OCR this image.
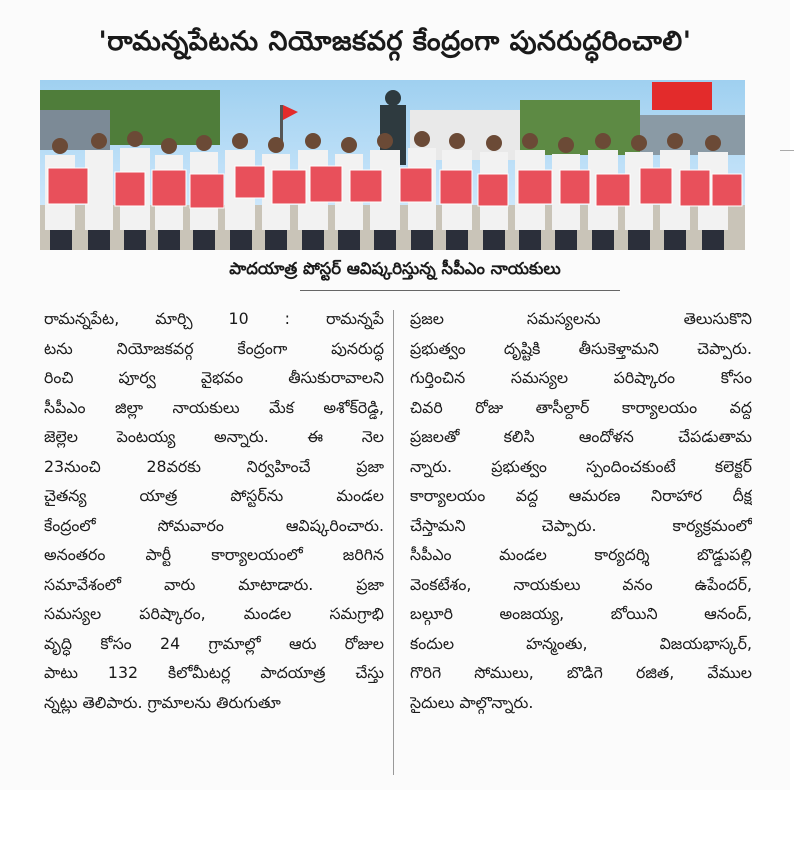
'రామన్నపేటను నియోజకవర్గ కేంద్రంగా పునరుద్ధరించాలి'
పాదయాత్ర పోస్టర్ ఆవిష్కరిస్తున్న సీపీఎం నాయకులు
రామన్నపేట, మార్చి 10 : రామన్నపే
టను నియోజకవర్గ కేంద్రంగా పునరుద్ధ
రించి పూర్వ వైభవం తీసుకురావాలని
సీపీఎం జిల్లా నాయకులు మేక అశోక్‌రెడ్డి,
జెల్లెల పెంటయ్య అన్నారు. ఈ నెల
23నుంచి 28వరకు నిర్వహించే ప్రజా
చైతన్య యాత్ర పోస్టర్‌ను మండల
కేంద్రంలో సోమవారం ఆవిష్కరించారు.
అనంతరం పార్టీ కార్యాలయంలో జరిగిన
సమావేశంలో వారు మాటాడారు. ప్రజా
సమస్యల పరిష్కారం, మండల సమగ్రాభి
వృద్ధి కోసం 24 గ్రామాల్లో ఆరు రోజుల
పాటు 132 కిలోమీటర్ల పాదయాత్ర చేస్తు
న్నట్లు తెలిపారు. గ్రామాలను తిరుగుతూ
ప్రజల సమస్యలను తెలుసుకొని
ప్రభుత్వం దృష్టికి తీసుకెళ్తామని చెప్పారు.
గుర్తించిన సమస్యల పరిష్కారం కోసం
చివరి రోజు తాసీల్దార్ కార్యాలయం వద్ద
ప్రజలతో కలిసి ఆందోళన చేపడుతామ
న్నారు. ప్రభుత్వం స్పందించకుంటే కలెక్టర్
కార్యాలయం వద్ద ఆమరణ నిరాహార దీక్ష
చేస్తామని చెప్పారు. కార్యక్రమంలో
సీపీఎం మండల కార్యదర్శి బొడ్డుపల్లి
వెంకటేశం, నాయకులు వనం ఉపేందర్,
బల్గూరి అంజయ్య, బోయిని ఆనంద్,
కందుల హన్మంతు, విజయభాస్కర్,
గొరిగె సోములు, బొడిగె రజిత, వేముల
సైదులు పాల్గొన్నారు.
